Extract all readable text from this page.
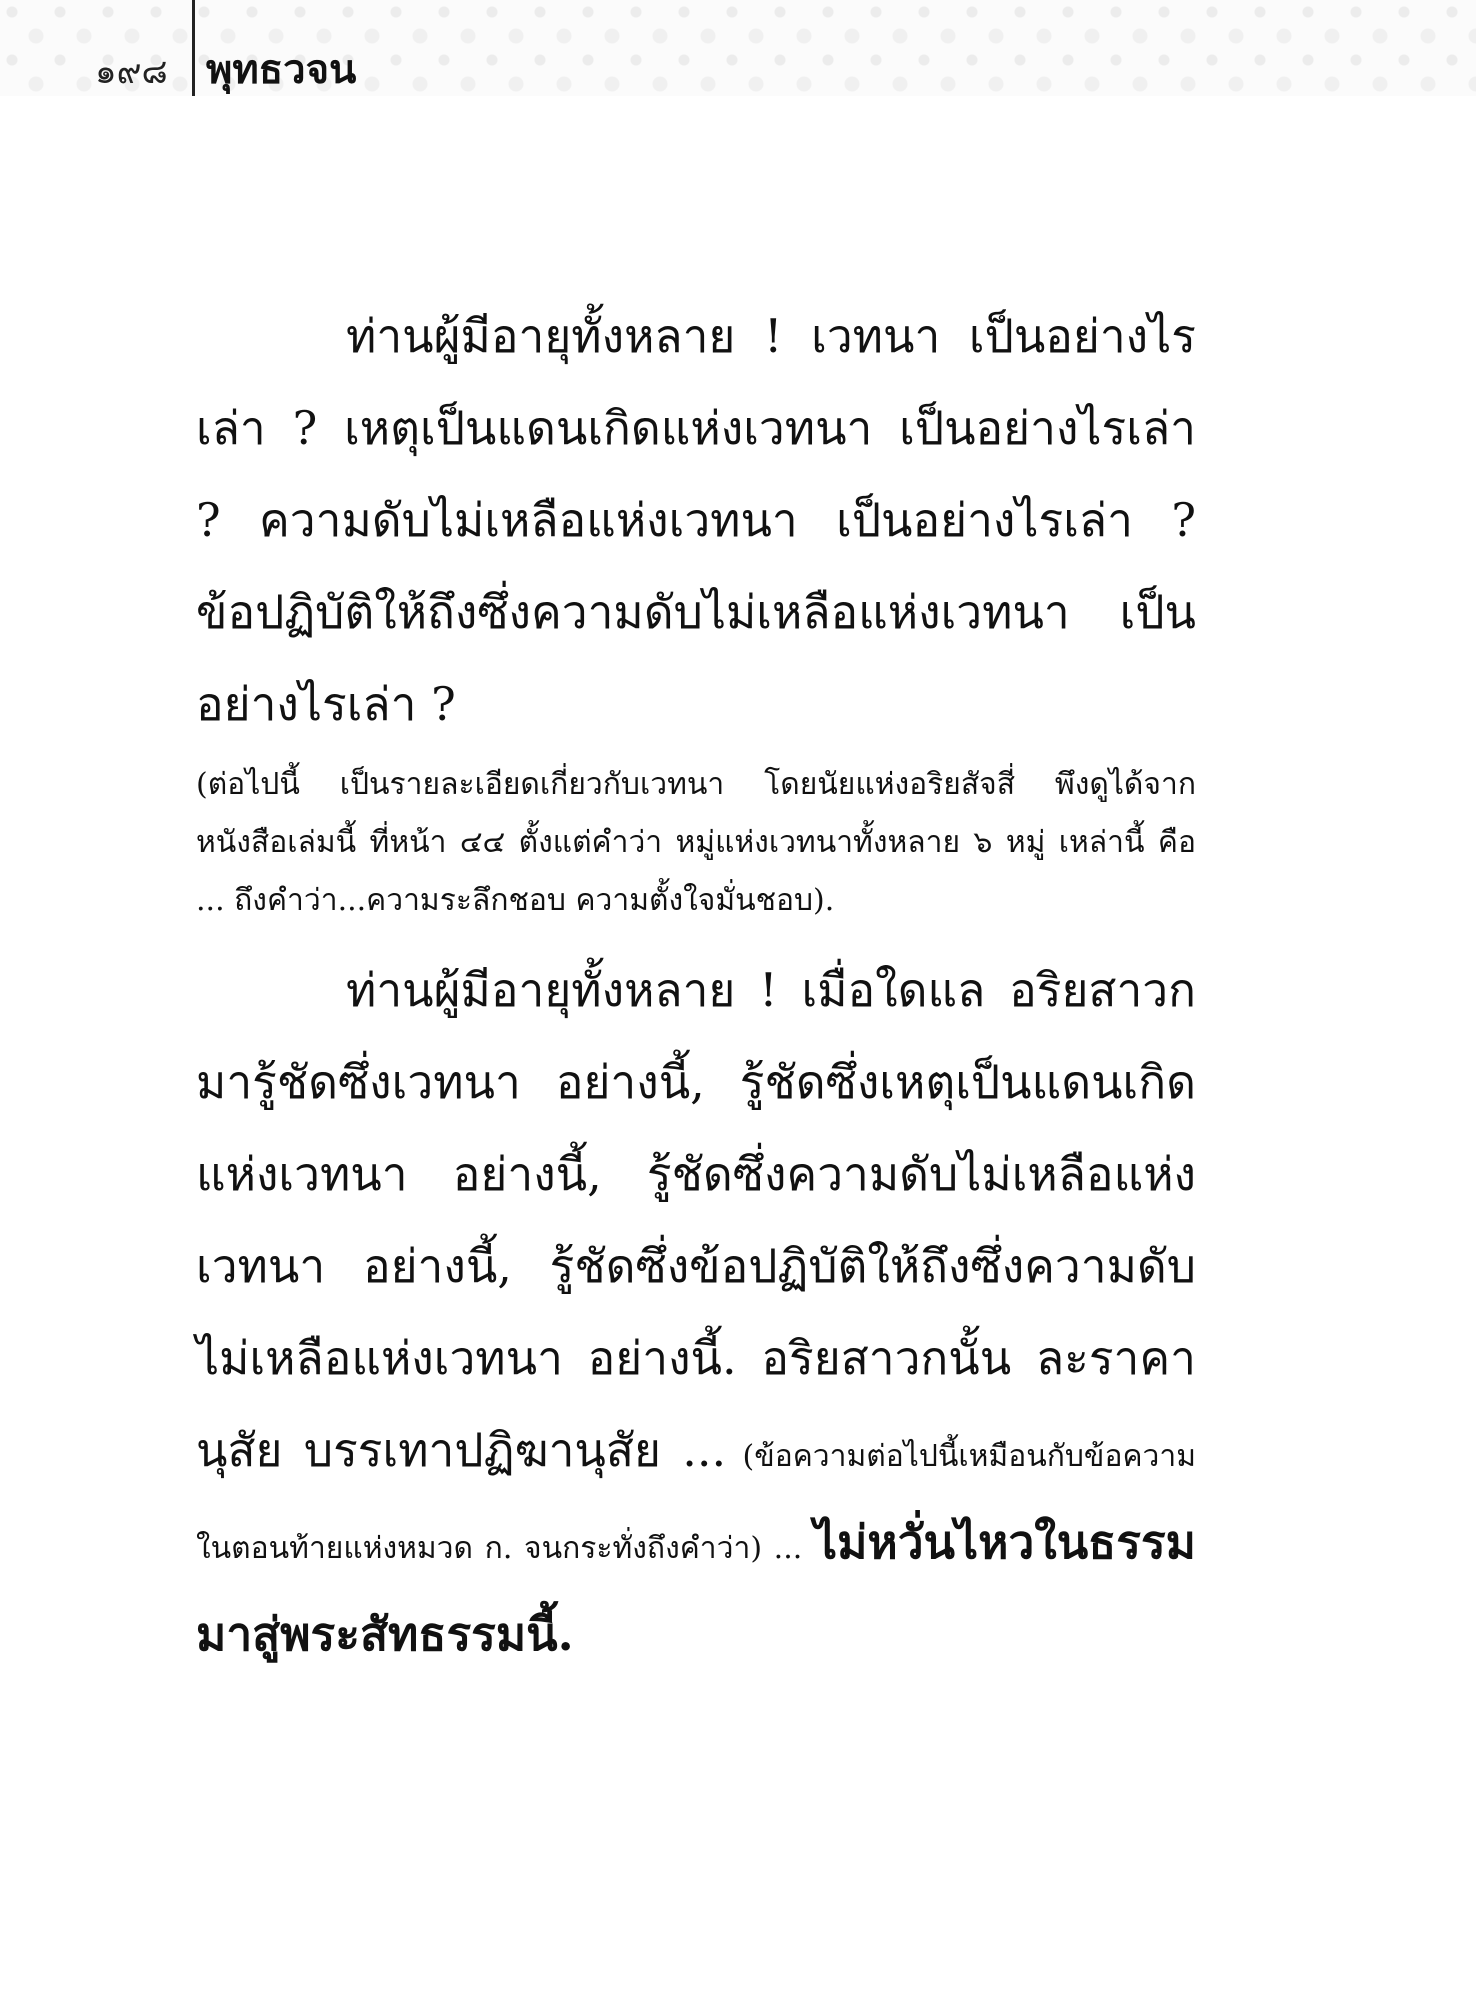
๑๙๘ พุทธวจน

ท่านผู้มีอายุทั้งหลาย ! เวทนา เป็นอย่างไรเล่า ? เหตุเป็นแดนเกิดแห่งเวทนา เป็นอย่างไรเล่า ? ความดับไม่เหลือแห่งเวทนา เป็นอย่างไรเล่า ? ข้อปฏิบัติให้ถึงซึ่งความดับไม่เหลือแห่งเวทนา เป็นอย่างไรเล่า ?

(ต่อไปนี้ เป็นรายละเอียดเกี่ยวกับเวทนา โดยนัยแห่งอริยสัจสี่ พึงดูได้จากหนังสือเล่มนี้ ที่หน้า ๔๔ ตั้งแต่คำว่า หมู่แห่งเวทนาทั้งหลาย ๖ หมู่ เหล่านี้ คือ ... ถึงคำว่า...ความระลึกชอบ ความตั้งใจมั่นชอบ).

ท่านผู้มีอายุทั้งหลาย ! เมื่อใดแล อริยสาวกมารู้ชัดซึ่งเวทนา อย่างนี้, รู้ชัดซึ่งเหตุเป็นแดนเกิดแห่งเวทนา อย่างนี้, รู้ชัดซึ่งความดับไม่เหลือแห่งเวทนา อย่างนี้, รู้ชัดซึ่งข้อปฏิบัติให้ถึงซึ่งความดับไม่เหลือแห่งเวทนา อย่างนี้. อริยสาวกนั้น ละราคานุสัย บรรเทาปฏิฆานุสัย ... (ข้อความต่อไปนี้เหมือนกับข้อความในตอนท้ายแห่งหมวด ก. จนกระทั่งถึงคำว่า) ... ไม่หวั่นไหวในธรรม มาสู่พระสัทธรรมนี้.
